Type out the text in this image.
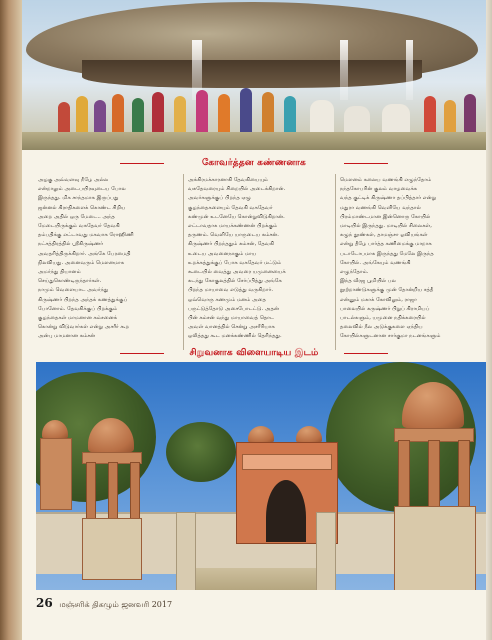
கோவர்த்தன கண்ணனாக
அழகு அவ்வளவு நீழே அல்ல
என்றாலும் அடைபயிரவுடைய போல
இருந்தது. மிக சாந்தமாக இருப்பது
ஜன்னல் கிராதிகளைக் கொண்ட சிறிய
அறை அதில் ஒரு மேடை.. அந்த
மேடையிருக்கும் வசுதேவர் தேவகி
தம்பதிக்கு எட்டாவது மகவாக ரோஹிணி
நட்சத்திரத்தில் ஸ்ரீகிருஷ்ணர்
அவதரித்திருக்கிறார். அங்கே பேரமைதி
நிலவியது. அனைவரும் மௌனமாக
அமர்ந்து தியானம்
செய்துகொண்டிருந்தார்கள்.
நாமும் வெளையாட அவர்ந்து
கிருஷ்ணர் பிறந்த அந்தக் கணத்துக்குப்
போனோம். தேவகிக்குப் பிறக்கும்
குழந்தைகள் மாமனான கம்சனைக்
கொன்று விடுவார்கள் என்று அசரீர் கூற
அன்பு மாமனான கம்சன்
அக்கிரமக்காரனாகி தேவகியையும்
வசுதேவரையும் சிறையில் அடைக்கிறான்.
அவர்களுக்குப் பிறந்த ஏழு
குழந்தைகளையும் தேவகி வசுதேவர்
கண்முன் உடனேயே கொன்றுவிடுகிறான்.
எட்டாவதாக மாயக்கண்ணன் பிறக்கும்
தருணம். வெளியே யாருடைய கம்சன்.
கிருஷ்ணர் பிறந்ததும் கம்சன், தேவகி
உடைய அவனைநாகும் மாய
உறக்கத்துக்குப் போக வசுதேவர் மட்டும்
கூடையில் வைத்து அவரை யமுனையைக்
கடந்து கோகுலத்தில் சேர்ப்பித்து அங்கே
பிறந்த மாயாவை எடுத்து வருகிறார்.
ஒவ்வொரு கணமும் மனம் அதை
பருட்டுத்தோடு அசைபோடட்டு. அதன்
பின் கம்சன் வந்து மாயாவைத் தொட
அவள் வானத்தில் சென்று அசரீரியாக
ஒலித்தது கூட மனக்கண்ணில் தெரிந்தது.
மௌனம் கலைய வணங்கி எழுந்தோம்
நந்தகோபரின் குலம் வாழவைக்க
வந்த குட்டிக் கிருஷ்ணா தப்பித்தார் என்று
மதுரா வணங்கி வெளியே வந்தால்
பிரம்மாண்டமான இன்னொரு கோயில்
மாடியில் இருந்தது. மாடியில் சிலைகள்,
சுழுந் தூண்கள், தாமஞ்சா ஓவியங்கள்
என்று தீழே பார்த்த கணிமைக்கு மாறாக
படாடோபமாக இருந்தது மேலே இருந்த
கோயில். அங்கேயும் வணங்கி
எழுந்தோம்.
இந்த வீரஜ பூமியில் பல
நூற்றாண்டுகளுக்கு முன் தோன்றிய சத்தீ
என்னும் மகாக் கோவிலும், ராஜா
பாலையில் கருஷ்ணர் பிறுப் கிராமியப்
பாடல்களும், யமுனை நதிக்கரையில்
தலைவில் நீல அடுக்குகளை ஏந்திய
கோயில்களுடனான சார்குமா நடனங்களும்
சிறுவனாக விளையாடிய இடம்
26 மஞ்சரிக் திகழும் ஜனவரி 2017
